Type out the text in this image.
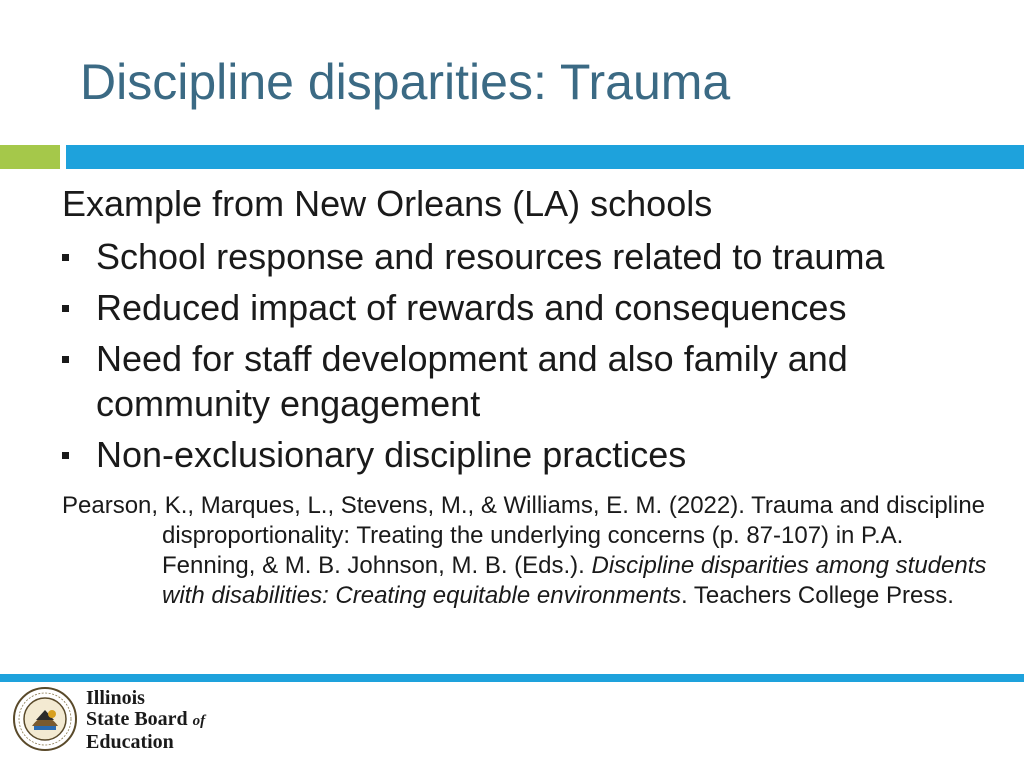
Discipline disparities: Trauma
Example from New Orleans (LA) schools
School response and resources related to trauma
Reduced impact of rewards and consequences
Need for staff development and also family and community engagement
Non-exclusionary discipline practices
Pearson, K., Marques, L., Stevens, M., & Williams, E. M. (2022). Trauma and discipline disproportionality: Treating the underlying concerns (p. 87-107) in P.A. Fenning, & M. B. Johnson, M. B. (Eds.). Discipline disparities among students with disabilities: Creating equitable environments. Teachers College Press.
Illinois
State Board of
Education
